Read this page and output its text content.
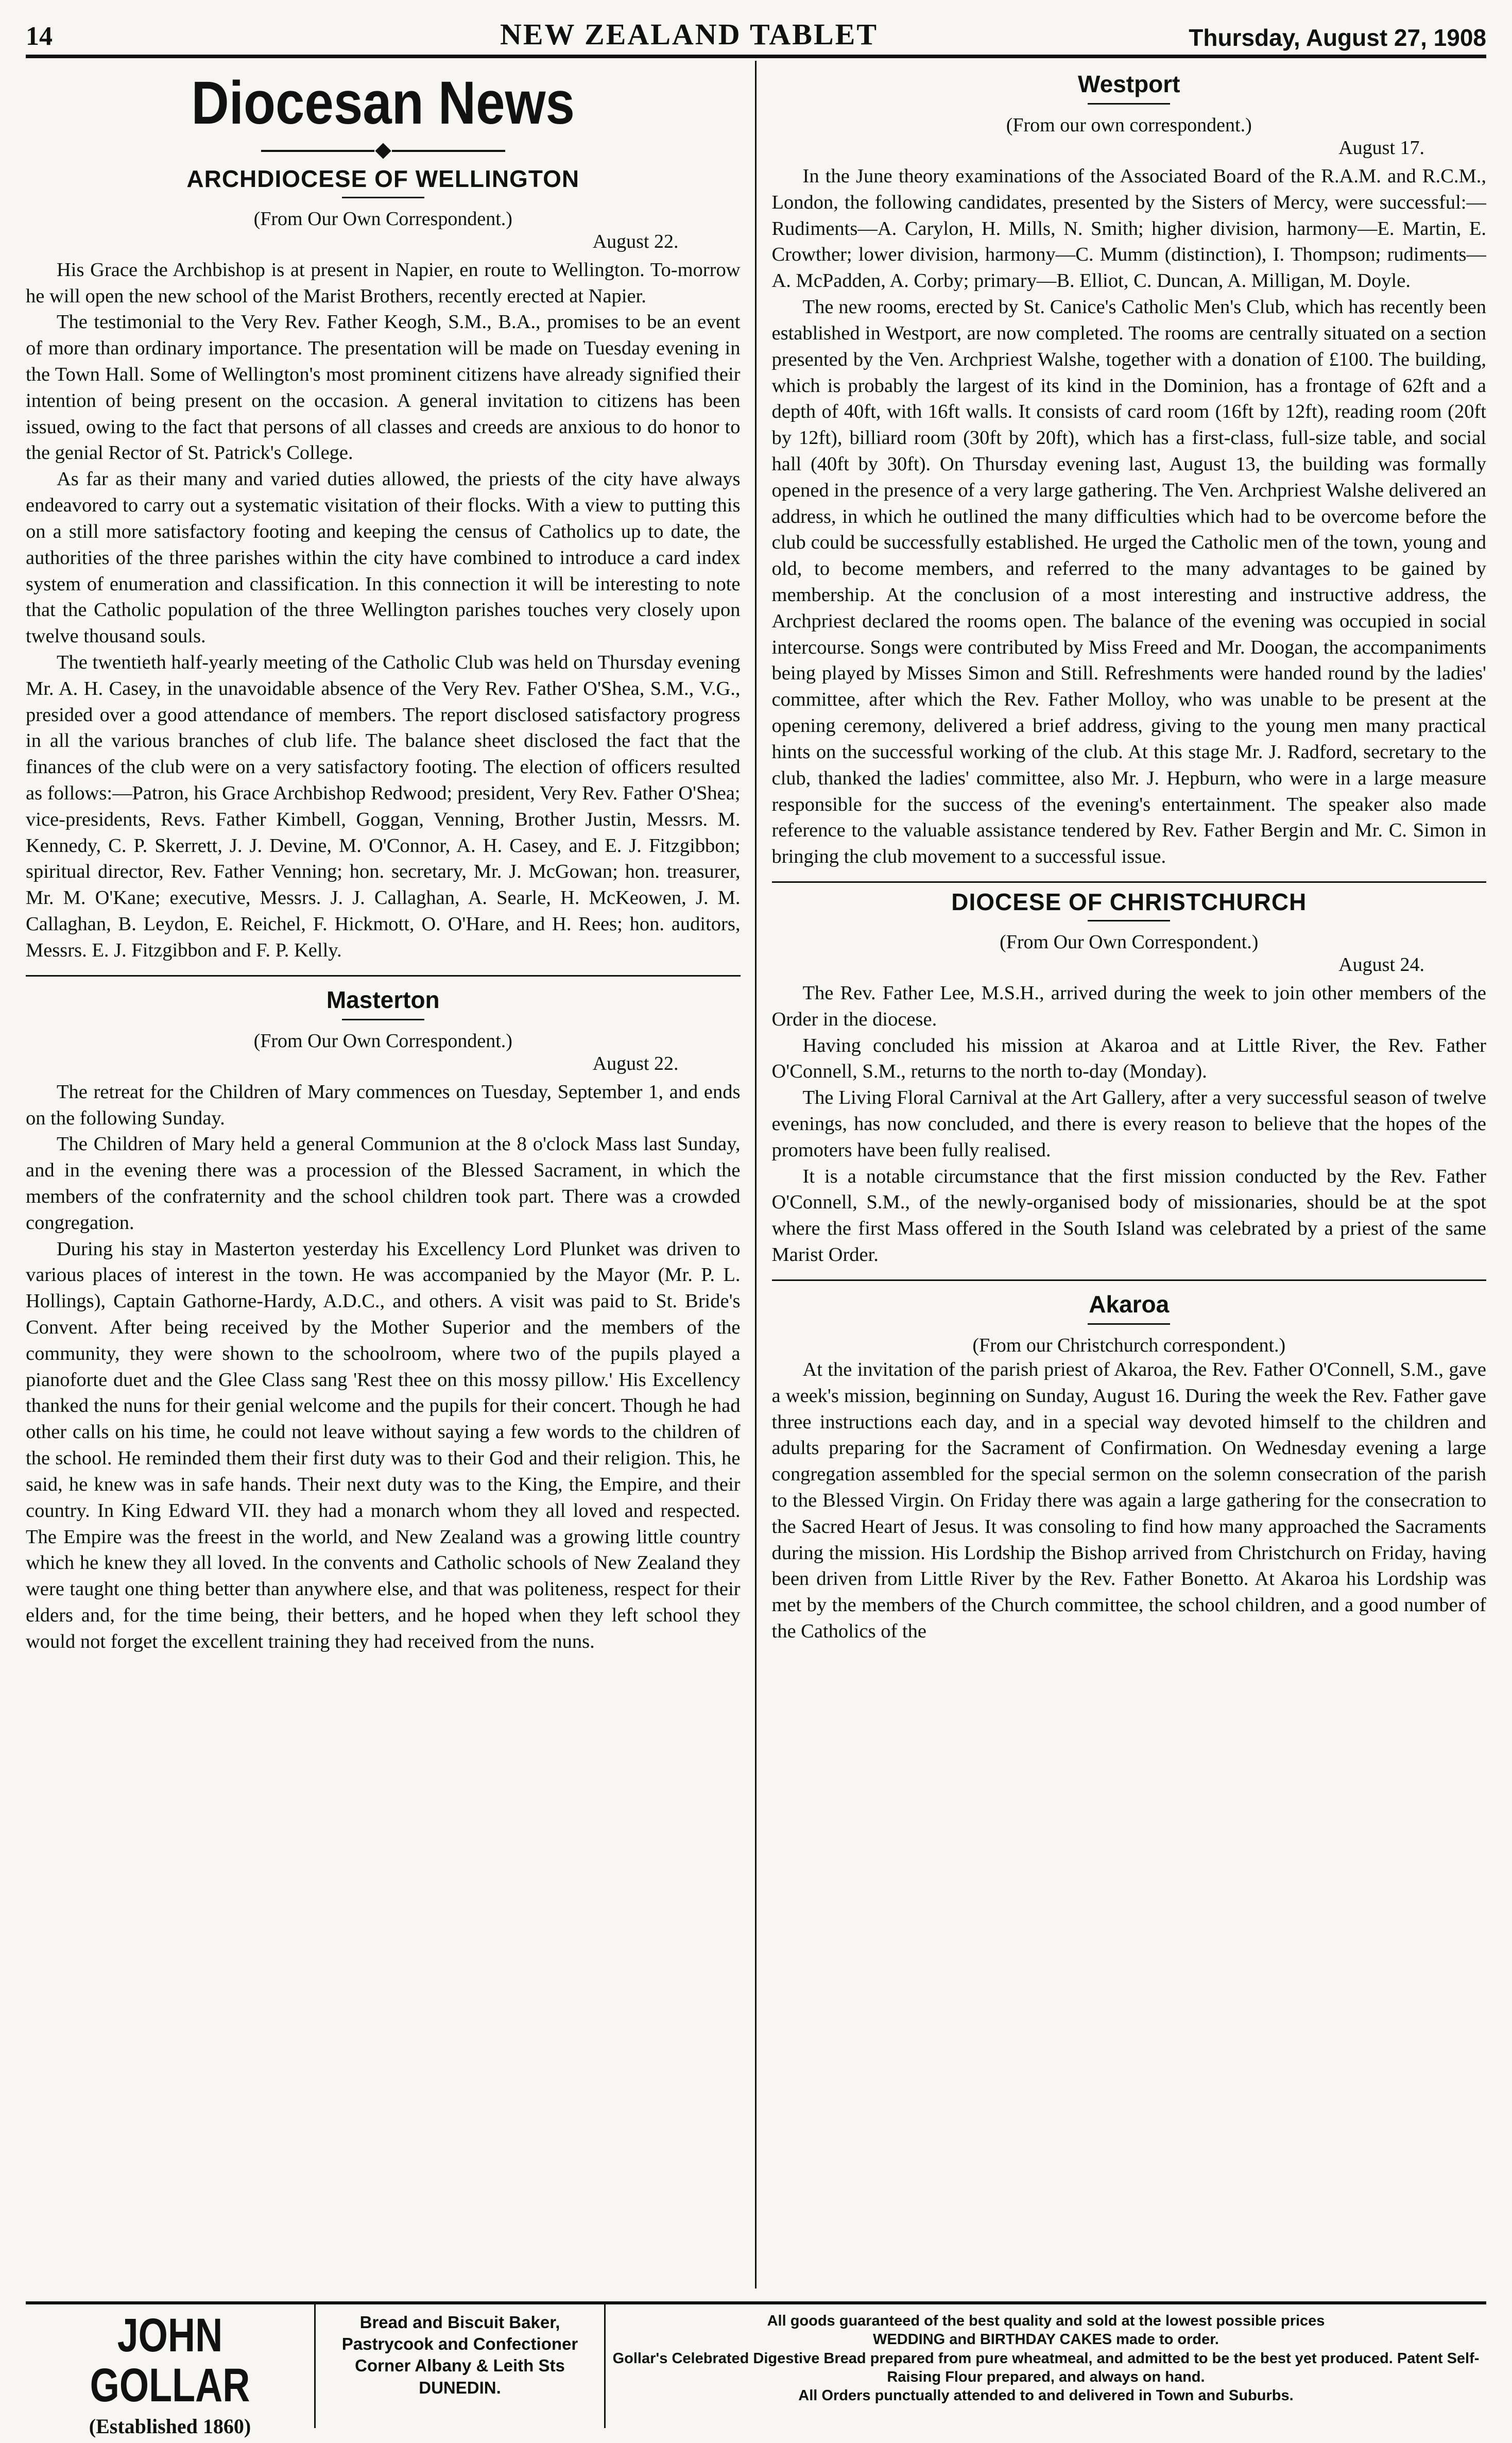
14	NEW ZEALAND TABLET	Thursday, August 27, 1908
Diocesan News
ARCHDIOCESE OF WELLINGTON
(From Our Own Correspondent.)
August 22.

His Grace the Archbishop is at present in Napier, en route to Wellington. To-morrow he will open the new school of the Marist Brothers, recently erected at Napier.

The testimonial to the Very Rev. Father Keogh, S.M., B.A., promises to be an event of more than ordinary importance. The presentation will be made on Tuesday evening in the Town Hall. Some of Wellington's most prominent citizens have already signified their intention of being present on the occasion. A general invitation to citizens has been issued, owing to the fact that persons of all classes and creeds are anxious to do honor to the genial Rector of St. Patrick's College.

As far as their many and varied duties allowed, the priests of the city have always endeavored to carry out a systematic visitation of their flocks. With a view to putting this on a still more satisfactory footing and keeping the census of Catholics up to date, the authorities of the three parishes within the city have combined to introduce a card index system of enumeration and classification. In this connection it will be interesting to note that the Catholic population of the three Wellington parishes touches very closely upon twelve thousand souls.

The twentieth half-yearly meeting of the Catholic Club was held on Thursday evening Mr. A. H. Casey, in the unavoidable absence of the Very Rev. Father O'Shea, S.M., V.G., presided over a good attendance of members. The report disclosed satisfactory progress in all the various branches of club life. The balance sheet disclosed the fact that the finances of the club were on a very satisfactory footing. The election of officers resulted as follows:—Patron, his Grace Archbishop Redwood; president, Very Rev. Father O'Shea; vice-presidents, Revs. Father Kimbell, Goggan, Venning, Brother Justin, Messrs. M. Kennedy, C. P. Skerrett, J. J. Devine, M. O'Connor, A. H. Casey, and E. J. Fitzgibbon; spiritual director, Rev. Father Venning; hon. secretary, Mr. J. McGowan; hon. treasurer, Mr. M. O'Kane; executive, Messrs. J. J. Callaghan, A. Searle, H. McKeowen, J. M. Callaghan, B. Leydon, E. Reichel, F. Hickmott, O. O'Hare, and H. Rees; hon. auditors, Messrs. E. J. Fitzgibbon and F. P. Kelly.

Masterton
(From Our Own Correspondent.)
August 22.

The retreat for the Children of Mary commences on Tuesday, September 1, and ends on the following Sunday.

The Children of Mary held a general Communion at the 8 o'clock Mass last Sunday, and in the evening there was a procession of the Blessed Sacrament, in which the members of the confraternity and the school children took part. There was a crowded congregation.

During his stay in Masterton yesterday his Excellency Lord Plunket was driven to various places of interest in the town. He was accompanied by the Mayor (Mr. P. L. Hollings), Captain Gathorne-Hardy, A.D.C., and others. A visit was paid to St. Bride's Convent. After being received by the Mother Superior and the members of the community, they were shown to the schoolroom, where two of the pupils played a pianoforte duet and the Glee Class sang 'Rest thee on this mossy pillow.' His Excellency thanked the nuns for their genial welcome and the pupils for their concert. Though he had other calls on his time, he could not leave without saying a few words to the children of the school. He reminded them their first duty was to their God and their religion. This, he said, he knew was in safe hands. Their next duty was to the King, the Empire, and their country. In King Edward VII. they had a monarch whom they all loved and respected. The Empire was the freest in the world, and New Zealand was a growing little country which he knew they all loved. In the convents and Catholic schools of New Zealand they were taught one thing better than anywhere else, and that was politeness, respect for their elders and, for the time being, their betters, and he hoped when they left school they would not forget the excellent training they had received from the nuns.

Westport
(From our own correspondent.)
August 17.

In the June theory examinations of the Associated Board of the R.A.M. and R.C.M., London, the following candidates, presented by the Sisters of Mercy, were successful:—Rudiments—A. Carylon, H. Mills, N. Smith; higher division, harmony—E. Martin, E. Crowther; lower division, harmony—C. Mumm (distinction), I. Thompson; rudiments—A. McPadden, A. Corby; primary—B. Elliot, C. Duncan, A. Milligan, M. Doyle.

The new rooms, erected by St. Canice's Catholic Men's Club, which has recently been established in Westport, are now completed. The rooms are centrally situated on a section presented by the Ven. Archpriest Walshe, together with a donation of £100. The building, which is probably the largest of its kind in the Dominion, has a frontage of 62ft and a depth of 40ft, with 16ft walls. It consists of card room (16ft by 12ft), reading room (20ft by 12ft), billiard room (30ft by 20ft), which has a first-class, full-size table, and social hall (40ft by 30ft). On Thursday evening last, August 13, the building was formally opened in the presence of a very large gathering. The Ven. Archpriest Walshe delivered an address, in which he outlined the many difficulties which had to be overcome before the club could be successfully established. He urged the Catholic men of the town, young and old, to become members, and referred to the many advantages to be gained by membership. At the conclusion of a most interesting and instructive address, the Archpriest declared the rooms open. The balance of the evening was occupied in social intercourse. Songs were contributed by Miss Freed and Mr. Doogan, the accompaniments being played by Misses Simon and Still. Refreshments were handed round by the ladies' committee, after which the Rev. Father Molloy, who was unable to be present at the opening ceremony, delivered a brief address, giving to the young men many practical hints on the successful working of the club. At this stage Mr. J. Radford, secretary to the club, thanked the ladies' committee, also Mr. J. Hepburn, who were in a large measure responsible for the success of the evening's entertainment. The speaker also made reference to the valuable assistance tendered by Rev. Father Bergin and Mr. C. Simon in bringing the club movement to a successful issue.

DIOCESE OF CHRISTCHURCH
(From Our Own Correspondent.)
August 24.

The Rev. Father Lee, M.S.H., arrived during the week to join other members of the Order in the diocese.

Having concluded his mission at Akaroa and at Little River, the Rev. Father O'Connell, S.M., returns to the north to-day (Monday).

The Living Floral Carnival at the Art Gallery, after a very successful season of twelve evenings, has now concluded, and there is every reason to believe that the hopes of the promoters have been fully realised.

It is a notable circumstance that the first mission conducted by the Rev. Father O'Connell, S.M., of the newly-organised body of missionaries, should be at the spot where the first Mass offered in the South Island was celebrated by a priest of the same Marist Order.

Akaroa
(From our Christchurch correspondent.)

At the invitation of the parish priest of Akaroa, the Rev. Father O'Connell, S.M., gave a week's mission, beginning on Sunday, August 16. During the week the Rev. Father gave three instructions each day, and in a special way devoted himself to the children and adults preparing for the Sacrament of Confirmation. On Wednesday evening a large congregation assembled for the special sermon on the solemn consecration of the parish to the Blessed Virgin. On Friday there was again a large gathering for the consecration to the Sacred Heart of Jesus. It was consoling to find how many approached the Sacraments during the mission. His Lordship the Bishop arrived from Christchurch on Friday, having been driven from Little River by the Rev. Father Bonetto. At Akaroa his Lordship was met by the members of the Church committee, the school children, and a good number of the Catholics of the

JOHN GOLLAR
(Established 1860)
Bread and Biscuit Baker,
Pastrycook and Confectioner
Corner Albany & Leith Sts
DUNEDIN.
All goods guaranteed of the best quality and sold at the lowest possible prices
WEDDING and BIRTHDAY CAKES made to order.
Gollar's Celebrated Digestive Bread prepared from pure wheatmeal, and admitted to be the best yet produced. Patent Self-Raising Flour prepared, and always on hand.
All Orders punctually attended to and delivered in Town and Suburbs.
